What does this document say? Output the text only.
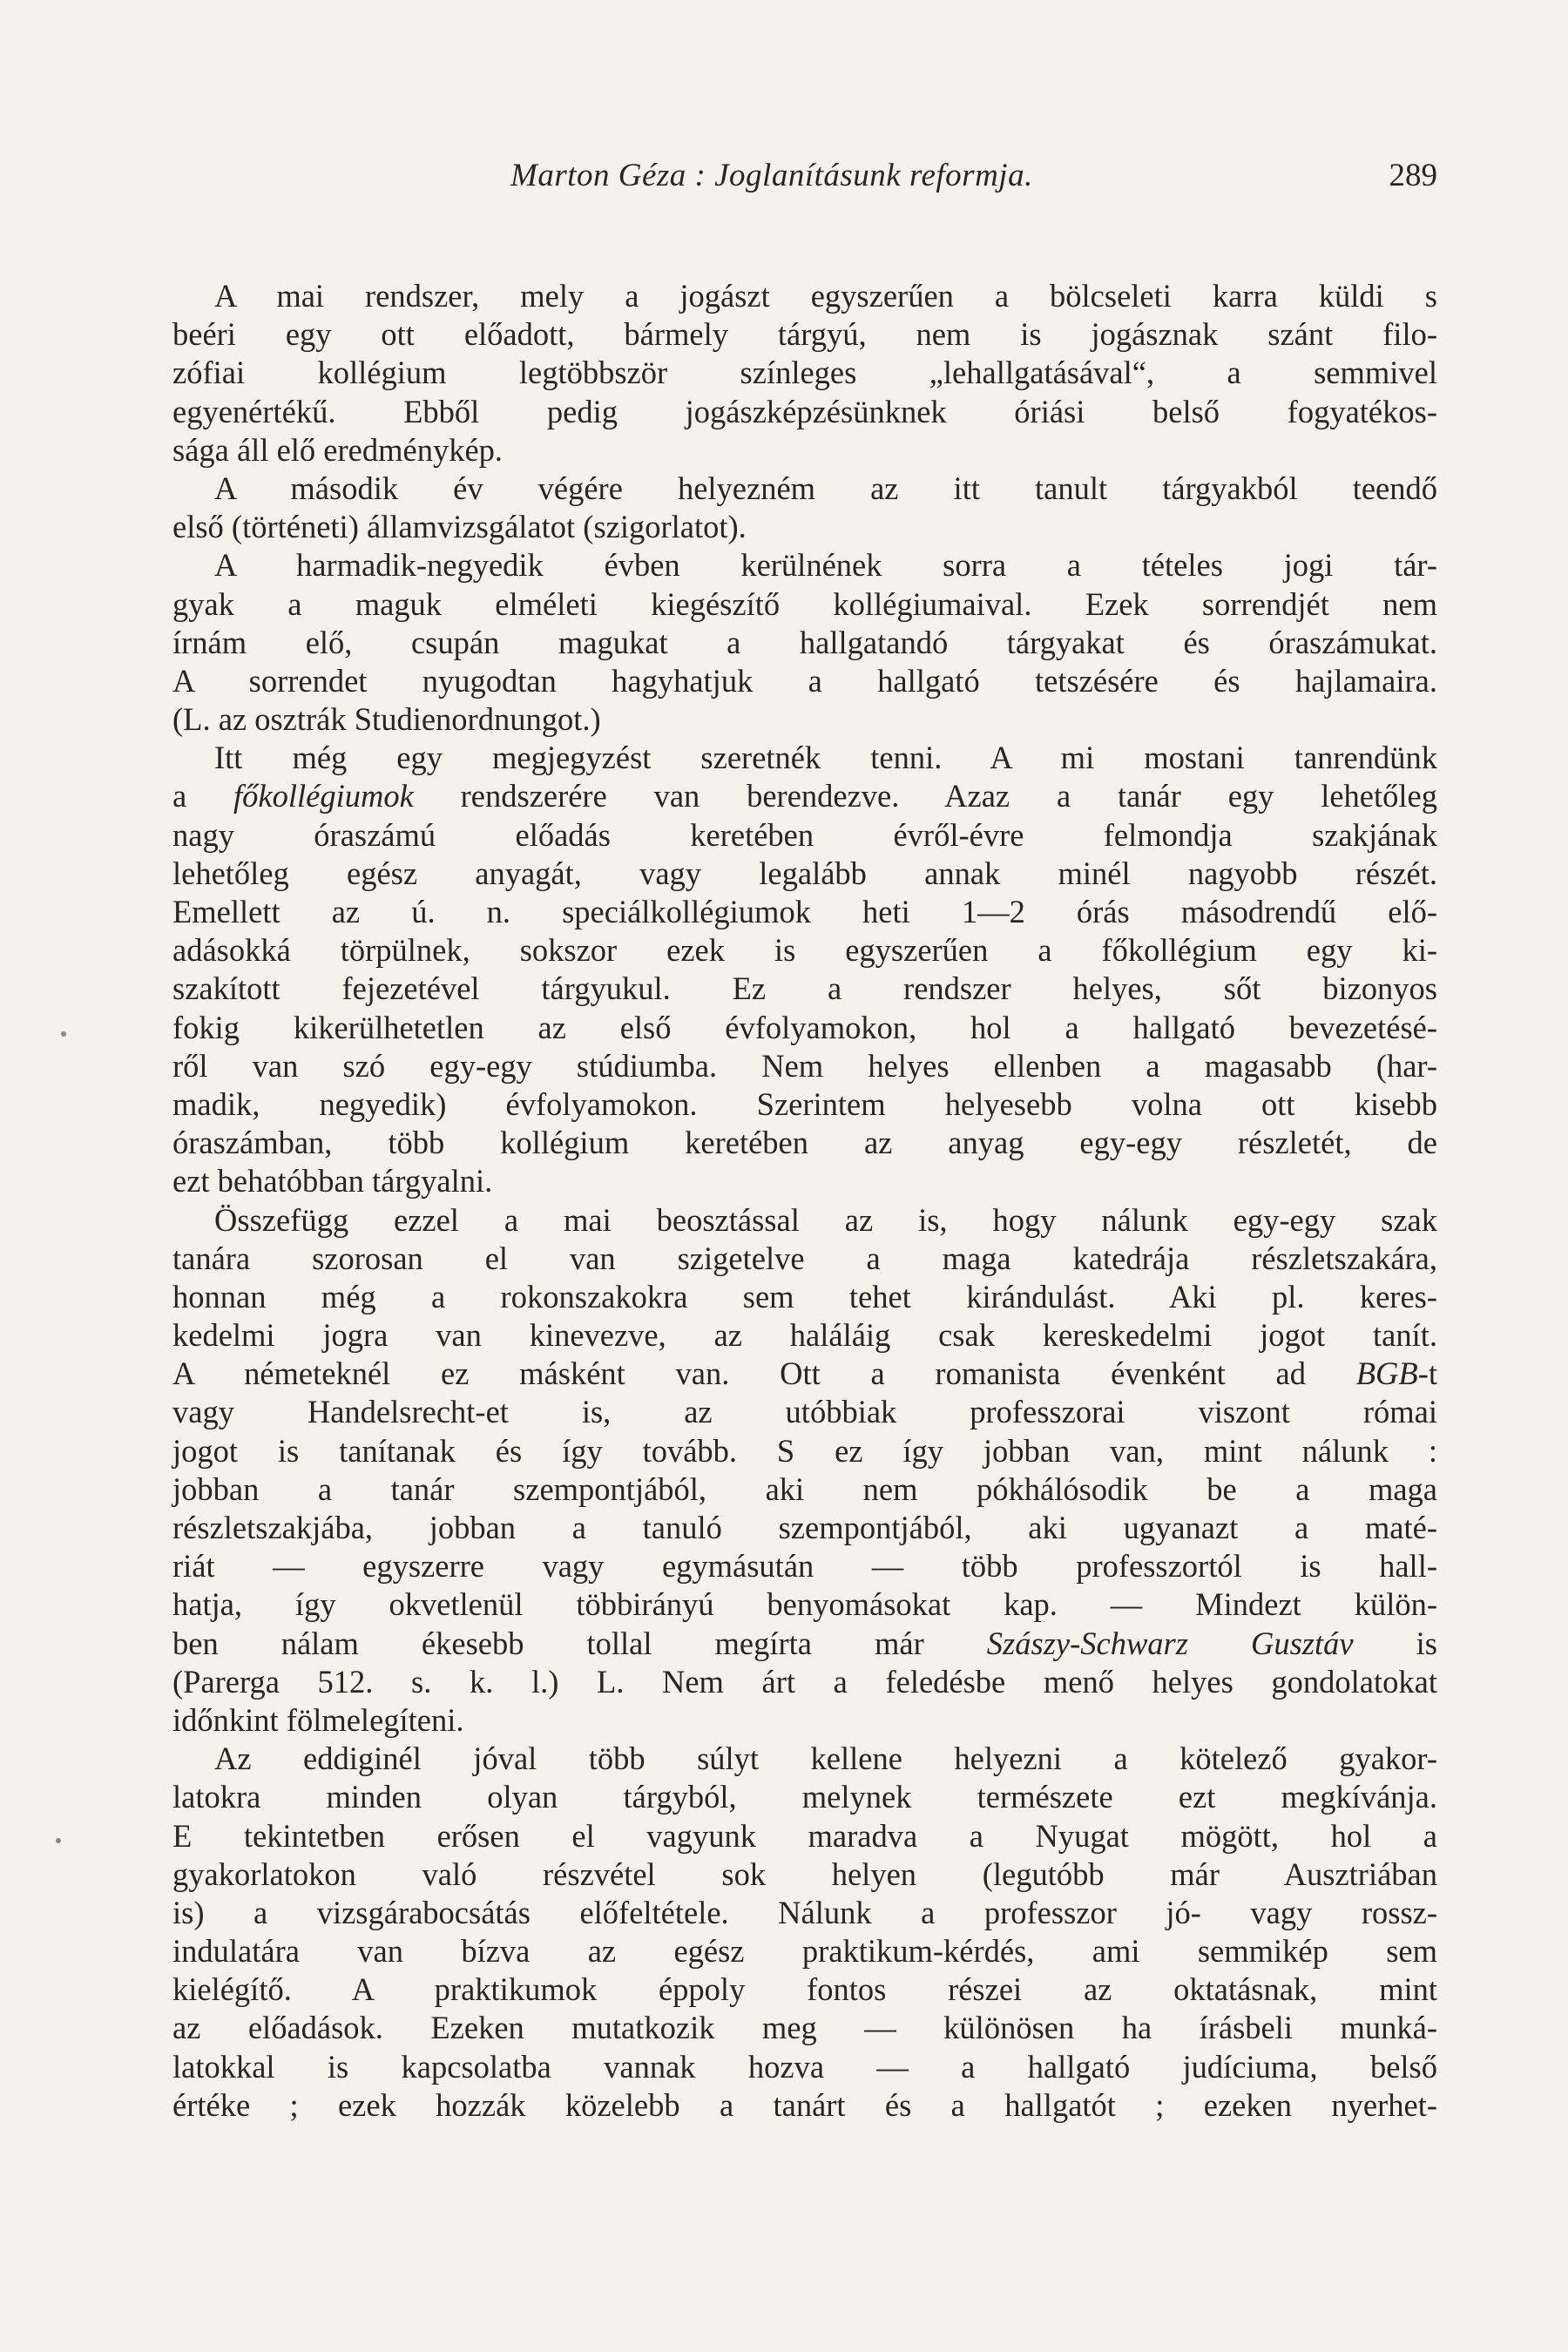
Marton Géza : Joglanításunk reformja.	289
A mai rendszer, mely a jogászt egyszerűen a bölcseleti karra küldi s
beéri egy ott előadott, bármely tárgyú, nem is jogásznak szánt filo-
zófiai kollégium legtöbbször színleges „lehallgatásával“, a semmivel
egyenértékű. Ebből pedig jogászképzésünknek óriási belső fogyatékos-
sága áll elő eredménykép.
A második év végére helyezném az itt tanult tárgyakból teendő
első (történeti) államvizsgálatot (szigorlatot).
A harmadik-negyedik évben kerülnének sorra a tételes jogi tár-
gyak a maguk elméleti kiegészítő kollégiumaival. Ezek sorrendjét nem
írnám elő, csupán magukat a hallgatandó tárgyakat és óraszámukat.
A sorrendet nyugodtan hagyhatjuk a hallgató tetszésére és hajlamaira.
(L. az osztrák Studienordnungot.)
Itt még egy megjegyzést szeretnék tenni. A mi mostani tanrendünk
a főkollégiumok rendszerére van berendezve. Azaz a tanár egy lehetőleg
nagy óraszámú előadás keretében évről-évre felmondja szakjának
lehetőleg egész anyagát, vagy legalább annak minél nagyobb részét.
Emellett az ú. n. speciálkollégiumok heti 1—2 órás másodrendű elő-
adásokká törpülnek, sokszor ezek is egyszerűen a főkollégium egy ki-
szakított fejezetével tárgyukul. Ez a rendszer helyes, sőt bizonyos
fokig kikerülhetetlen az első évfolyamokon, hol a hallgató bevezetésé-
ről van szó egy-egy stúdiumba. Nem helyes ellenben a magasabb (har-
madik, negyedik) évfolyamokon. Szerintem helyesebb volna ott kisebb
óraszámban, több kollégium keretében az anyag egy-egy részletét, de
ezt behatóbban tárgyalni.
Összefügg ezzel a mai beosztással az is, hogy nálunk egy-egy szak
tanára szorosan el van szigetelve a maga katedrája részletszakára,
honnan még a rokonszakokra sem tehet kirándulást. Aki pl. keres-
kedelmi jogra van kinevezve, az haláláig csak kereskedelmi jogot tanít.
A németeknél ez másként van. Ott a romanista évenként ad BGB-t
vagy Handelsrecht-et is, az utóbbiak professzorai viszont római
jogot is tanítanak és így tovább. S ez így jobban van, mint nálunk :
jobban a tanár szempontjából, aki nem pókhálósodik be a maga
részletszakjába, jobban a tanuló szempontjából, aki ugyanazt a maté-
riát — egyszerre vagy egymásután — több professzortól is hall-
hatja, így okvetlenül többirányú benyomásokat kap. — Mindezt külön-
ben nálam ékesebb tollal megírta már Szászy-Schwarz Gusztáv is
(Parerga 512. s. k. l.) L. Nem árt a feledésbe menő helyes gondolatokat
időnkint fölmelegíteni.
Az eddiginél jóval több súlyt kellene helyezni a kötelező gyakor-
latokra minden olyan tárgyból, melynek természete ezt megkívánja.
E tekintetben erősen el vagyunk maradva a Nyugat mögött, hol a
gyakorlatokon való részvétel sok helyen (legutóbb már Ausztriában
is) a vizsgárabocsátás előfeltétele. Nálunk a professzor jó- vagy rossz-
indulatára van bízva az egész praktikum-kérdés, ami semmikép sem
kielégítő. A praktikumok éppoly fontos részei az oktatásnak, mint
az előadások. Ezeken mutatkozik meg — különösen ha írásbeli munká-
latokkal is kapcsolatba vannak hozva — a hallgató judíciuma, belső
értéke ; ezek hozzák közelebb a tanárt és a hallgatót ; ezeken nyerhet-
